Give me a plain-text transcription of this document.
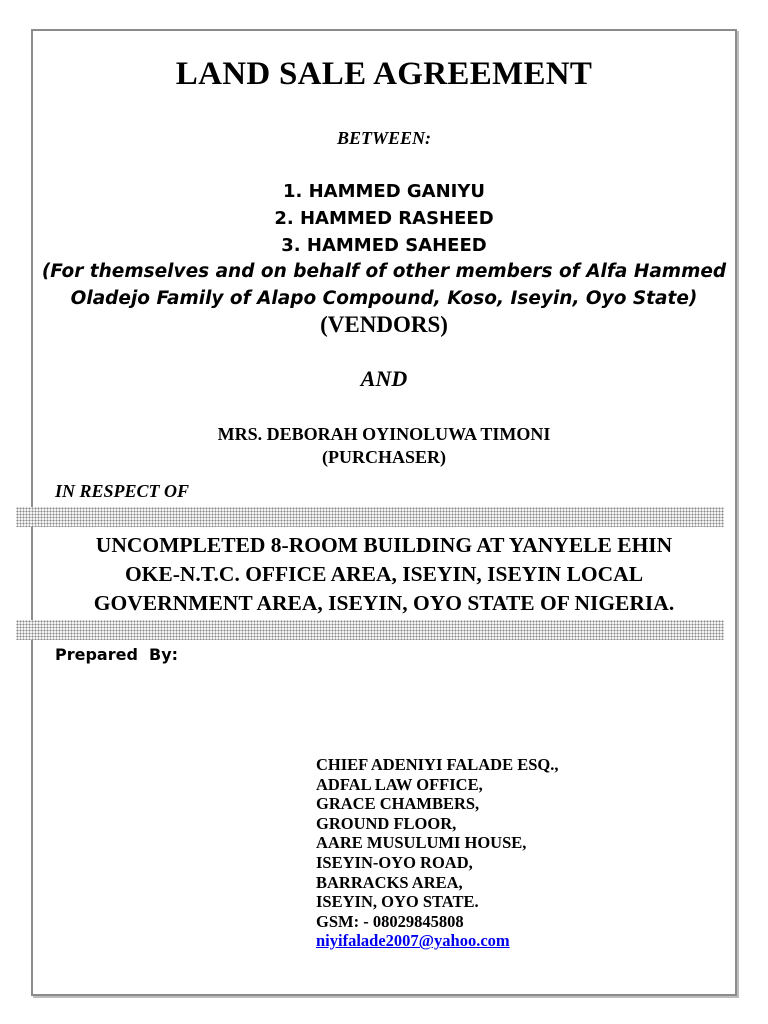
LAND SALE AGREEMENT
BETWEEN:
1. HAMMED GANIYU
2. HAMMED RASHEED
3. HAMMED SAHEED
(For themselves and on behalf of other members of Alfa Hammed
Oladejo Family of Alapo Compound, Koso, Iseyin, Oyo State)
(VENDORS)
AND
MRS. DEBORAH OYINOLUWA TIMONI
(PURCHASER)
IN RESPECT OF
UNCOMPLETED 8-ROOM BUILDING AT YANYELE EHIN
OKE-N.T.C. OFFICE AREA, ISEYIN, ISEYIN LOCAL
GOVERNMENT AREA, ISEYIN, OYO STATE OF NIGERIA.
Prepared  By:
CHIEF ADENIYI FALADE ESQ.,
ADFAL LAW OFFICE,
GRACE CHAMBERS,
GROUND FLOOR,
AARE MUSULUMI HOUSE,
ISEYIN-OYO ROAD,
BARRACKS AREA,
ISEYIN, OYO STATE.
GSM: - 08029845808
niyifalade2007@yahoo.com
